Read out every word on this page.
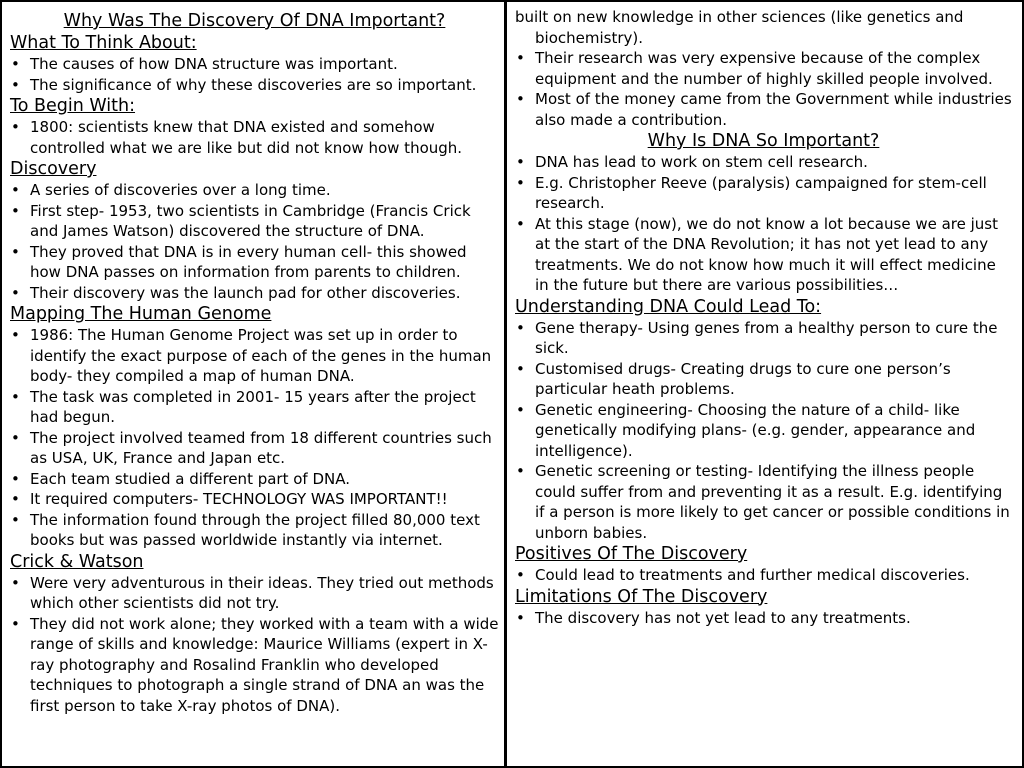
Why Was The Discovery Of DNA Important?
What To Think About:
• The causes of how DNA structure was important.
• The significance of why these discoveries are so important.
To Begin With:
• 1800: scientists knew that DNA existed and somehow controlled what we are like but did not know how though.
Discovery
• A series of discoveries over a long time.
• First step- 1953, two scientists in Cambridge (Francis Crick and James Watson) discovered the structure of DNA.
• They proved that DNA is in every human cell- this showed how DNA passes on information from parents to children.
• Their discovery was the launch pad for other discoveries.
Mapping The Human Genome
• 1986: The Human Genome Project was set up in order to identify the exact purpose of each of the genes in the human body- they compiled a map of human DNA.
• The task was completed in 2001- 15 years after the project had begun.
• The project involved teamed from 18 different countries such as USA, UK, France and Japan etc.
• Each team studied a different part of DNA.
• It required computers- TECHNOLOGY WAS IMPORTANT!!
• The information found through the project filled 80,000 text books but was passed worldwide instantly via internet.
Crick & Watson
• Were very adventurous in their ideas. They tried out methods which other scientists did not try.
• They did not work alone; they worked with a team with a wide range of skills and knowledge: Maurice Williams (expert in X-ray photography and Rosalind Franklin who developed techniques to photograph a single strand of DNA an was the first person to take X-ray photos of DNA).
built on new knowledge in other sciences (like genetics and biochemistry).
• Their research was very expensive because of the complex equipment and the number of highly skilled people involved.
• Most of the money came from the Government while industries also made a contribution.
Why Is DNA So Important?
• DNA has lead to work on stem cell research.
• E.g. Christopher Reeve (paralysis) campaigned for stem-cell research.
• At this stage (now), we do not know a lot because we are just at the start of the DNA Revolution; it has not yet lead to any treatments. We do not know how much it will effect medicine in the future but there are various possibilities…
Understanding DNA Could Lead To:
• Gene therapy- Using genes from a healthy person to cure the sick.
• Customised drugs- Creating drugs to cure one person’s particular heath problems.
• Genetic engineering- Choosing the nature of a child- like genetically modifying plans- (e.g. gender, appearance and intelligence).
• Genetic screening or testing- Identifying the illness people could suffer from and preventing it as a result. E.g. identifying if a person is more likely to get cancer or possible conditions in unborn babies.
Positives Of The Discovery
• Could lead to treatments and further medical discoveries.
Limitations Of The Discovery
• The discovery has not yet lead to any treatments.
